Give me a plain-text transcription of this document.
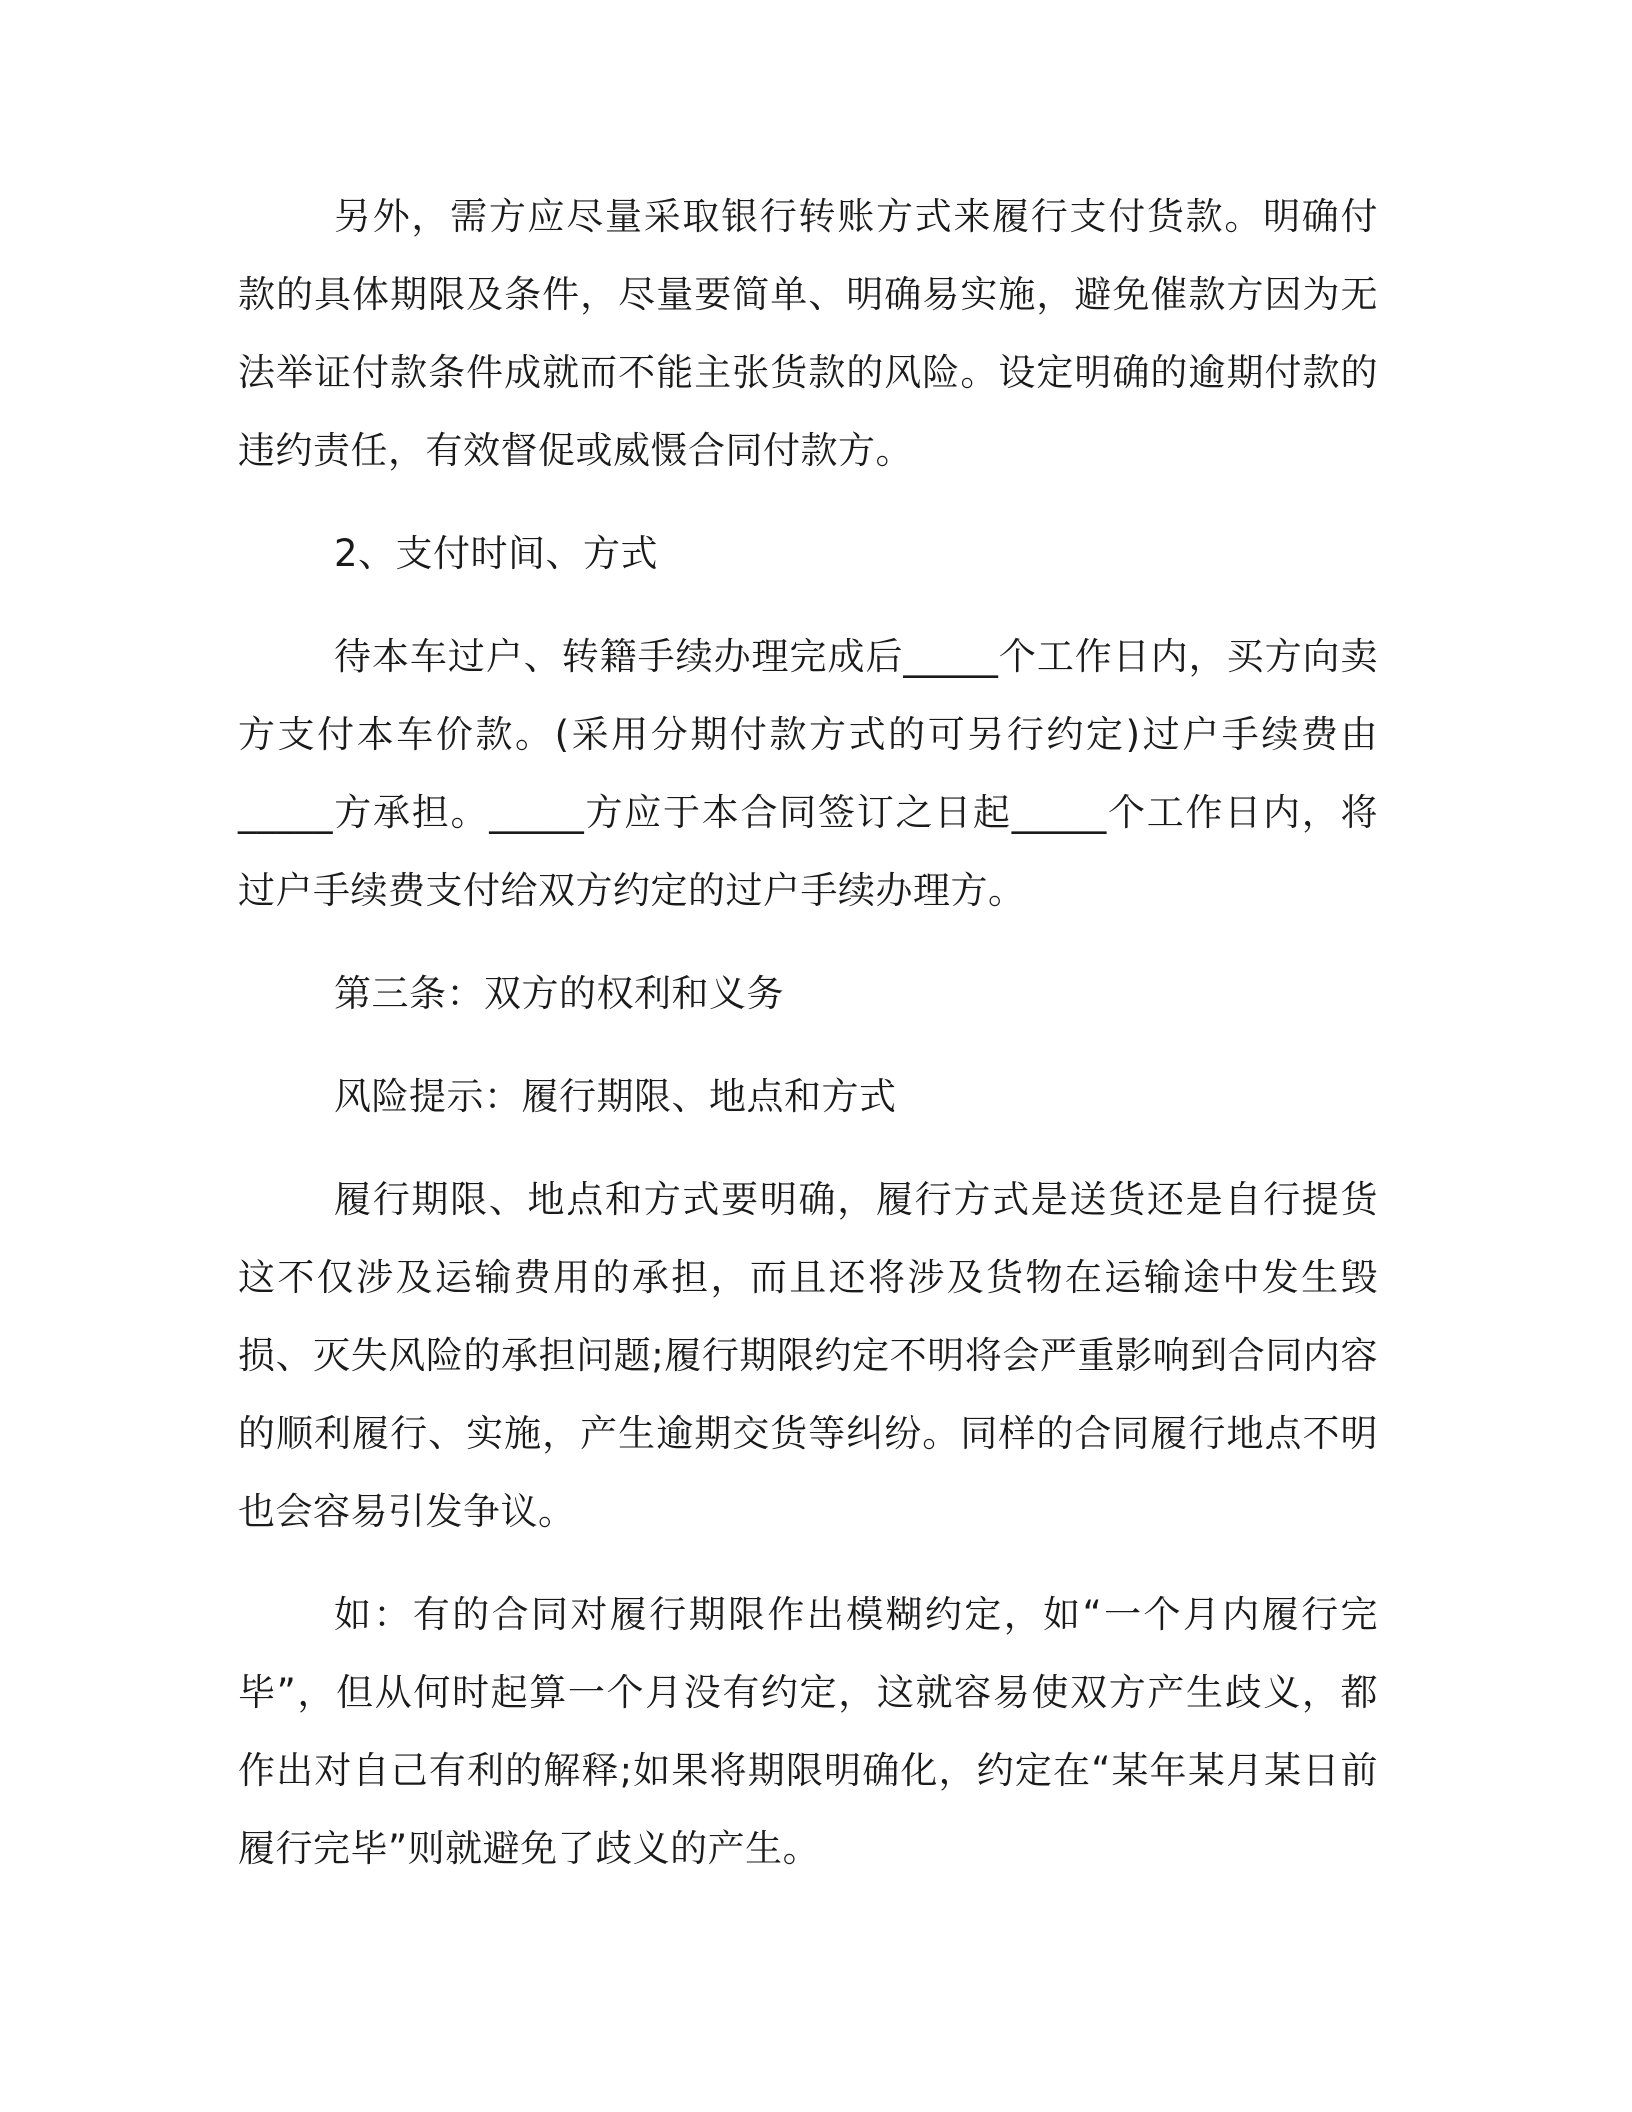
另外，需方应尽量采取银行转账方式来履行支付货款。明确付款的具体期限及条件，尽量要简单、明确易实施，避免催款方因为无法举证付款条件成就而不能主张货款的风险。设定明确的逾期付款的违约责任，有效督促或威慑合同付款方。

2、支付时间、方式

待本车过户、转籍手续办理完成后_____个工作日内，买方向卖方支付本车价款。(采用分期付款方式的可另行约定)过户手续费由_____方承担。_____方应于本合同签订之日起_____个工作日内，将过户手续费支付给双方约定的过户手续办理方。

第三条：双方的权利和义务

风险提示：履行期限、地点和方式

履行期限、地点和方式要明确，履行方式是送货还是自行提货这不仅涉及运输费用的承担，而且还将涉及货物在运输途中发生毁损、灭失风险的承担问题;履行期限约定不明将会严重影响到合同内容的顺利履行、实施，产生逾期交货等纠纷。同样的合同履行地点不明也会容易引发争议。

如：有的合同对履行期限作出模糊约定，如“一个月内履行完毕”，但从何时起算一个月没有约定，这就容易使双方产生歧义，都作出对自己有利的解释;如果将期限明确化，约定在“某年某月某日前履行完毕”则就避免了歧义的产生。
